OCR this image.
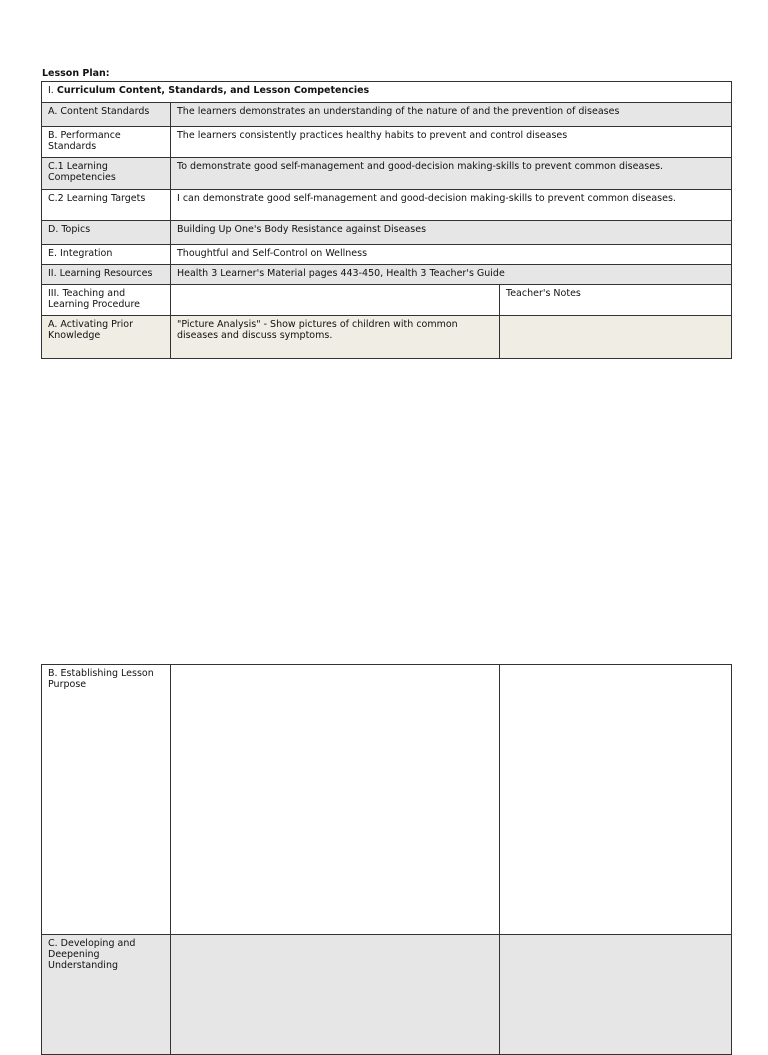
Lesson Plan:
I. Curriculum Content, Standards, and Lesson Competencies		
A. Content Standards	The learners demonstrates an understanding of the nature of and the prevention of diseases	
B. Performance Standards	The learners consistently practices healthy habits to prevent and control diseases	
C.1 Learning Competencies	To demonstrate good self-management and good-decision making-skills to prevent common diseases.	
C.2 Learning Targets	I can demonstrate good self-management and good-decision making-skills to prevent common diseases.	
D. Topics	Building Up One's Body Resistance against Diseases	
E. Integration	Thoughtful and Self-Control on Wellness	
II. Learning Resources	Health 3 Learner's Material pages 443-450, Health 3 Teacher's Guide	
III. Teaching and Learning Procedure		Teacher's Notes
A. Activating Prior Knowledge	"Picture Analysis" - Show pictures of children with common diseases and discuss symptoms.	
B. Establishing Lesson Purpose		
C. Developing and Deepening Understanding		
